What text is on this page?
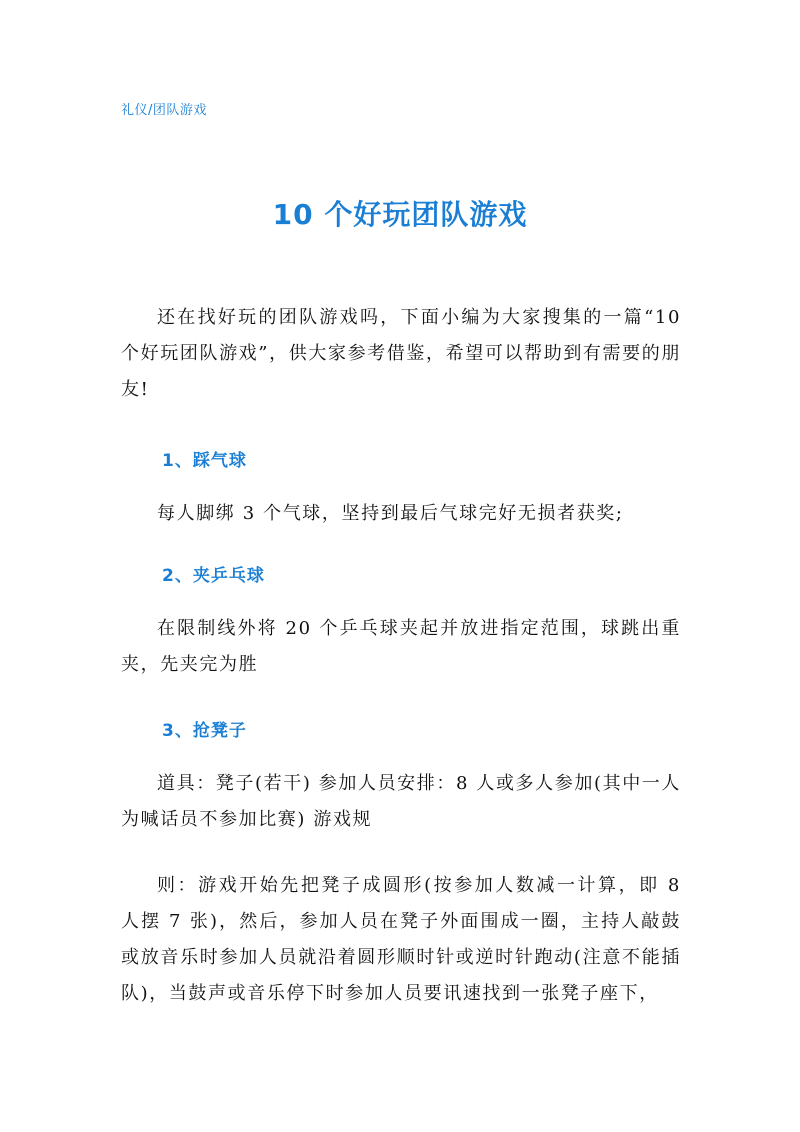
礼仪/团队游戏
10 个好玩团队游戏
还在找好玩的团队游戏吗，下面小编为大家搜集的一篇“10 个好玩团队游戏”，供大家参考借鉴，希望可以帮助到有需要的朋友!
1、踩气球
每人脚绑 3 个气球，坚持到最后气球完好无损者获奖;
2、夹乒乓球
在限制线外将 20 个乒乓球夹起并放进指定范围，球跳出重夹，先夹完为胜
3、抢凳子
道具：凳子(若干) 参加人员安排：8 人或多人参加(其中一人为喊话员不参加比赛) 游戏规
则：游戏开始先把凳子成圆形(按参加人数减一计算，即 8 人摆 7 张)，然后，参加人员在凳子外面围成一圈，主持人敲鼓或放音乐时参加人员就沿着圆形顺时针或逆时针跑动(注意不能插队)，当鼓声或音乐停下时参加人员要讯速找到一张凳子座下，
